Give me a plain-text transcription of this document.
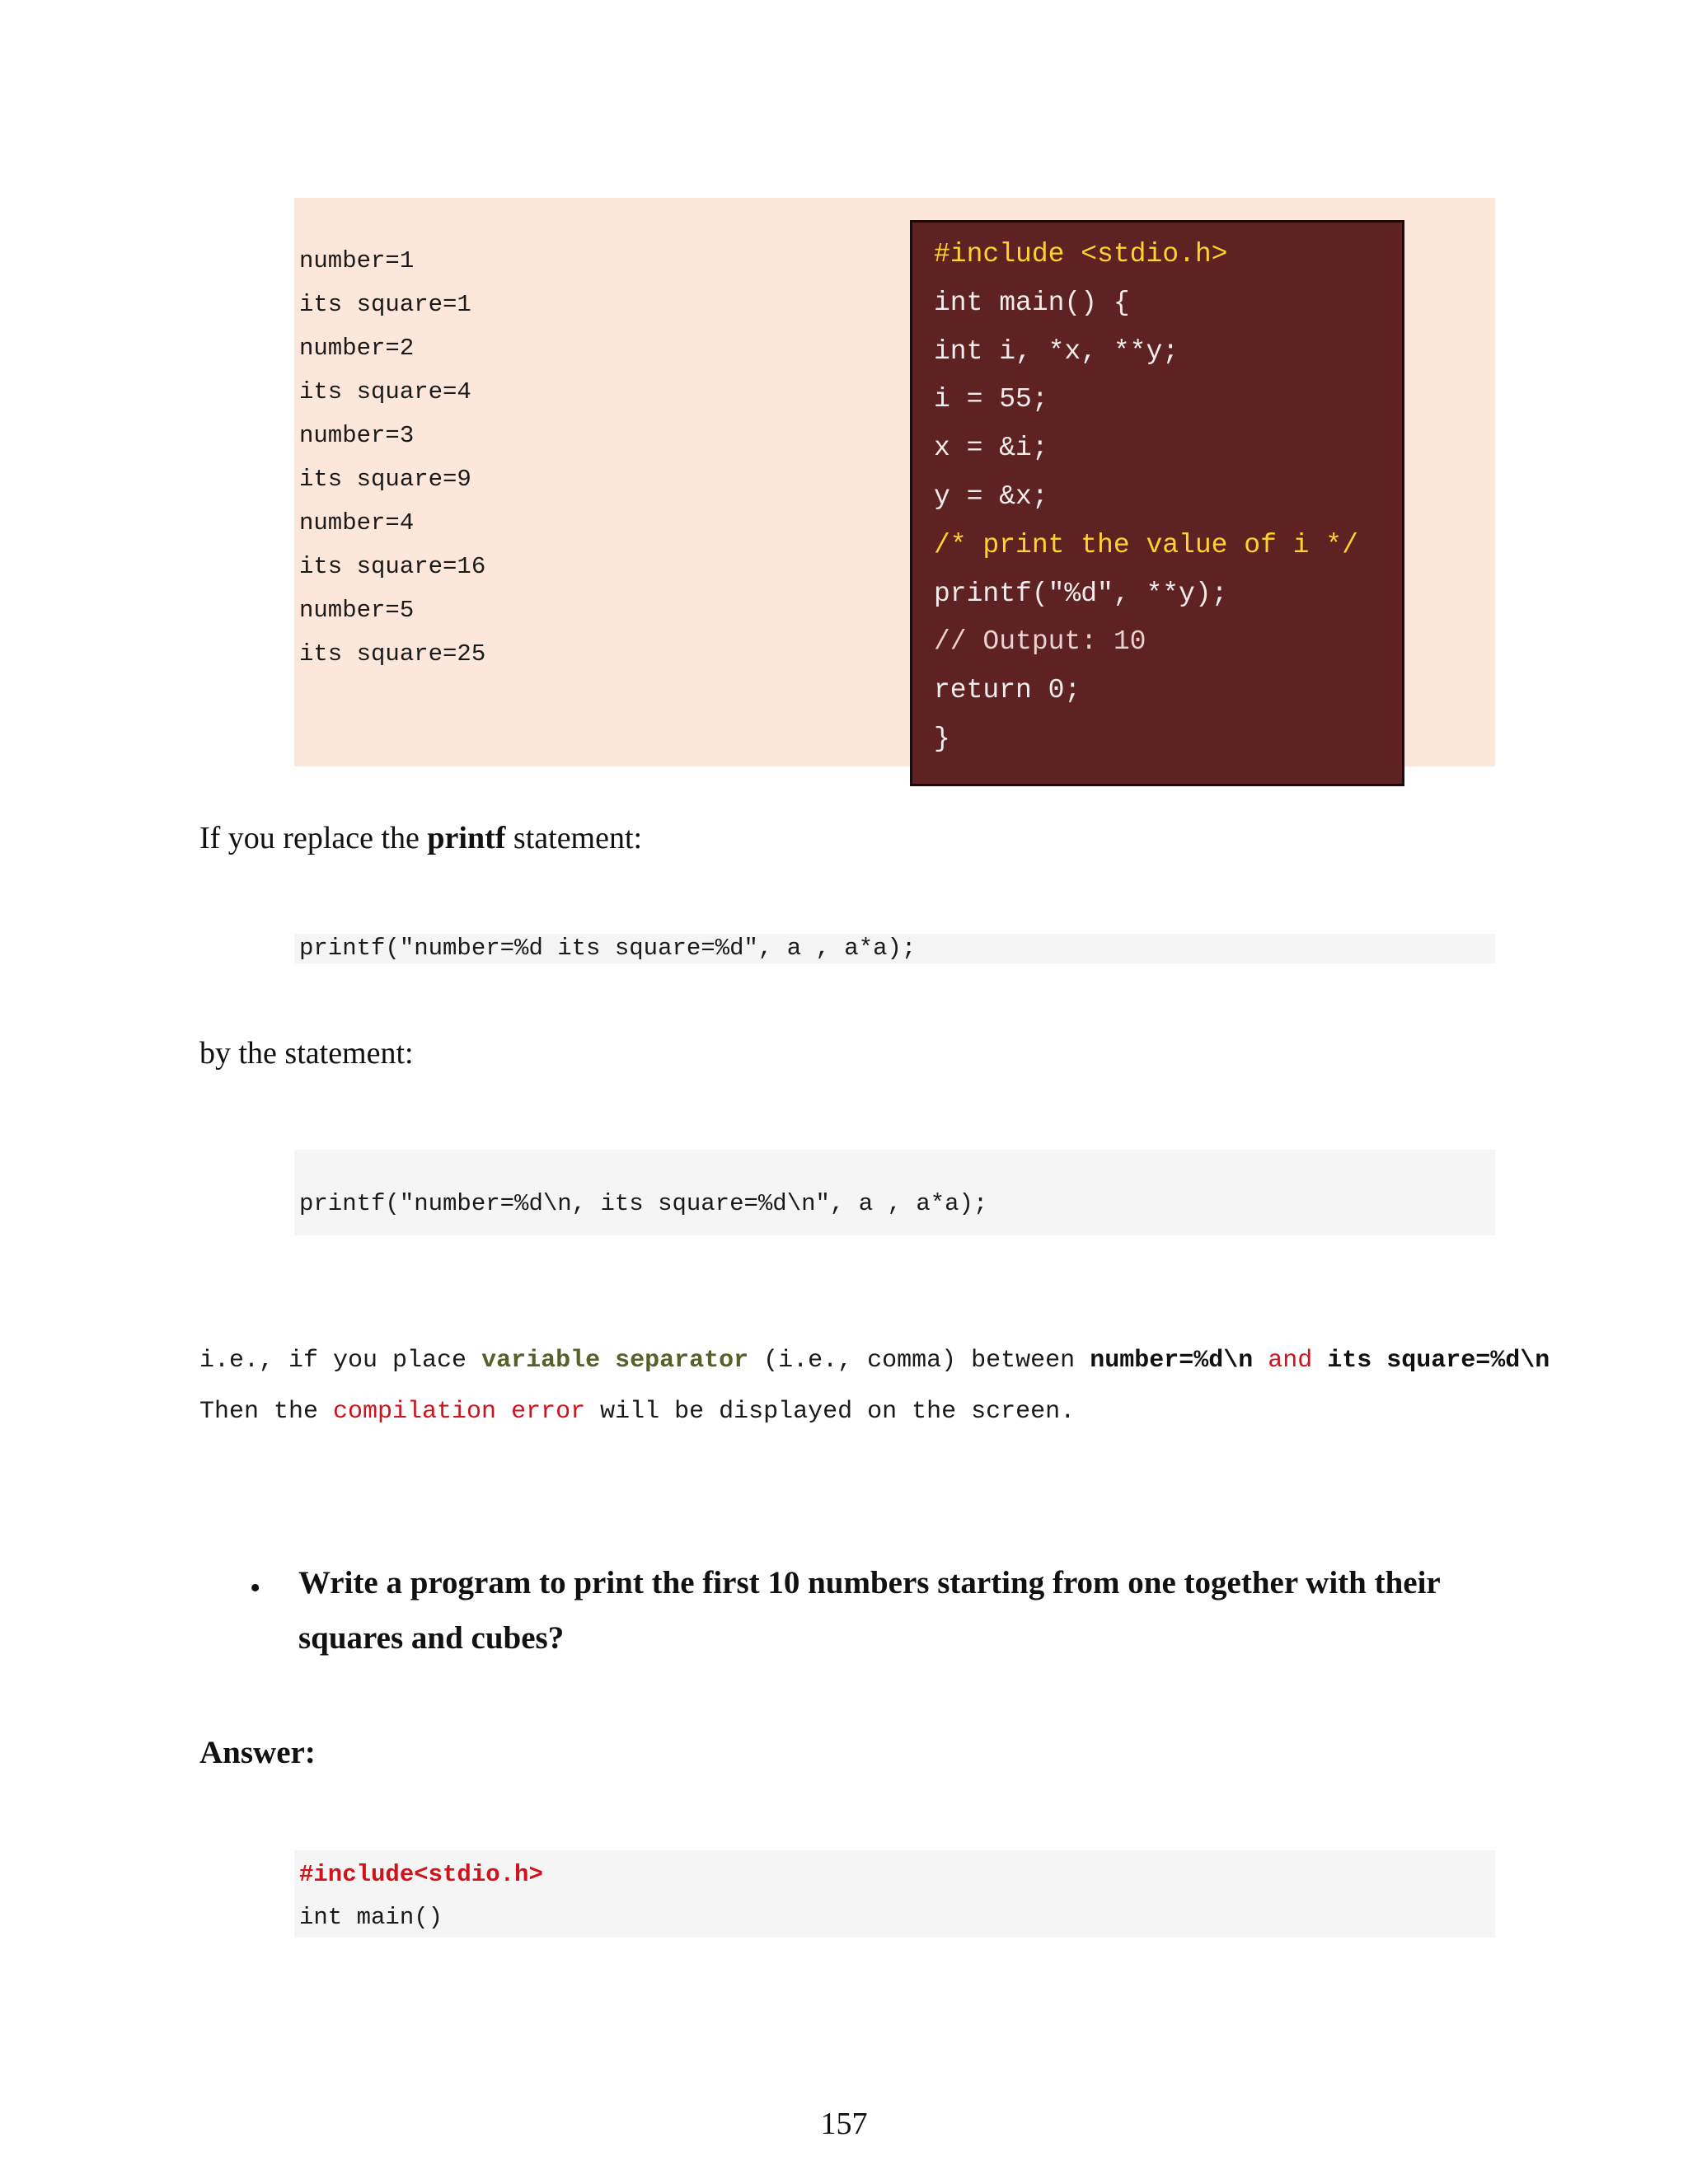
number=1
its square=1
number=2
its square=4
number=3
its square=9
number=4
its square=16
number=5
its square=25
#include <stdio.h>
int main() {
int i, *x, **y;
i = 55;
x = &i;
y = &x;
/* print the value of i */
printf("%d", **y);
// Output: 10
return 0;
}
If you replace the printf statement:
printf("number=%d its square=%d", a , a*a);
by the statement:
printf("number=%d\n, its square=%d\n", a , a*a);
i.e., if you place variable separator (i.e., comma) between number=%d\n and its square=%d\n
Then the compilation error will be displayed on the screen.
• Write a program to print the first 10 numbers starting from one together with their
squares and cubes?
Answer:
#include<stdio.h>
int main()
157
